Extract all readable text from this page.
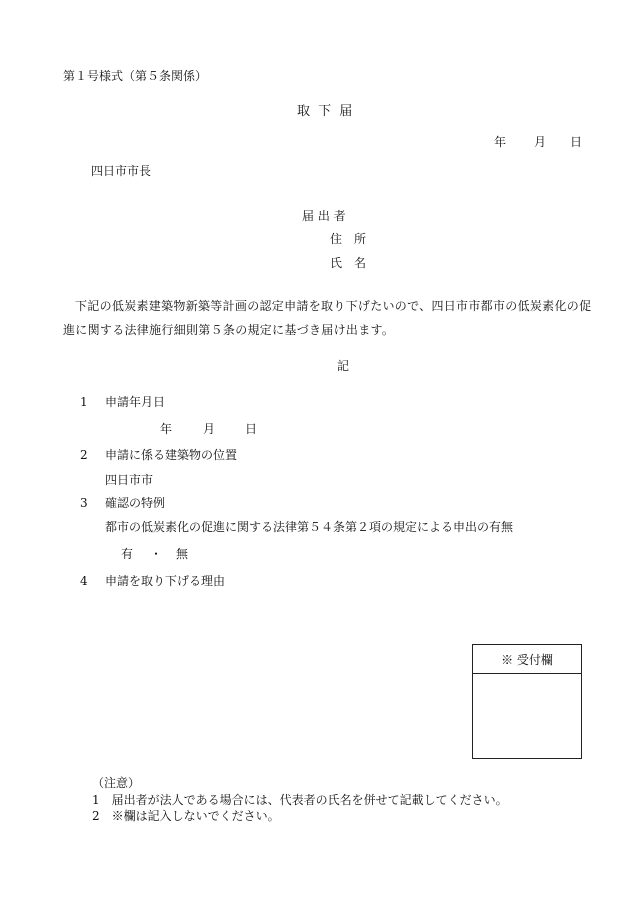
第１号様式（第５条関係）
取 下 届
年 月 日
四日市市長
届 出 者
住　所
氏　名
下記の低炭素建築物新築等計画の認定申請を取り下げたいので、四日市市都市の低炭素化の促進に関する法律施行細則第５条の規定に基づき届け出ます。
記
1 申請年月日
年	月 日
2 申請に係る建築物の位置
四日市市
3 確認の特例
都市の低炭素化の促進に関する法律第５４条第２項の規定による申出の有無
有 ・ 無
4 申請を取り下げる理由
※ 受付欄
（注意）
1　届出者が法人である場合には、代表者の氏名を併せて記載してください。
2　※欄は記入しないでください。
